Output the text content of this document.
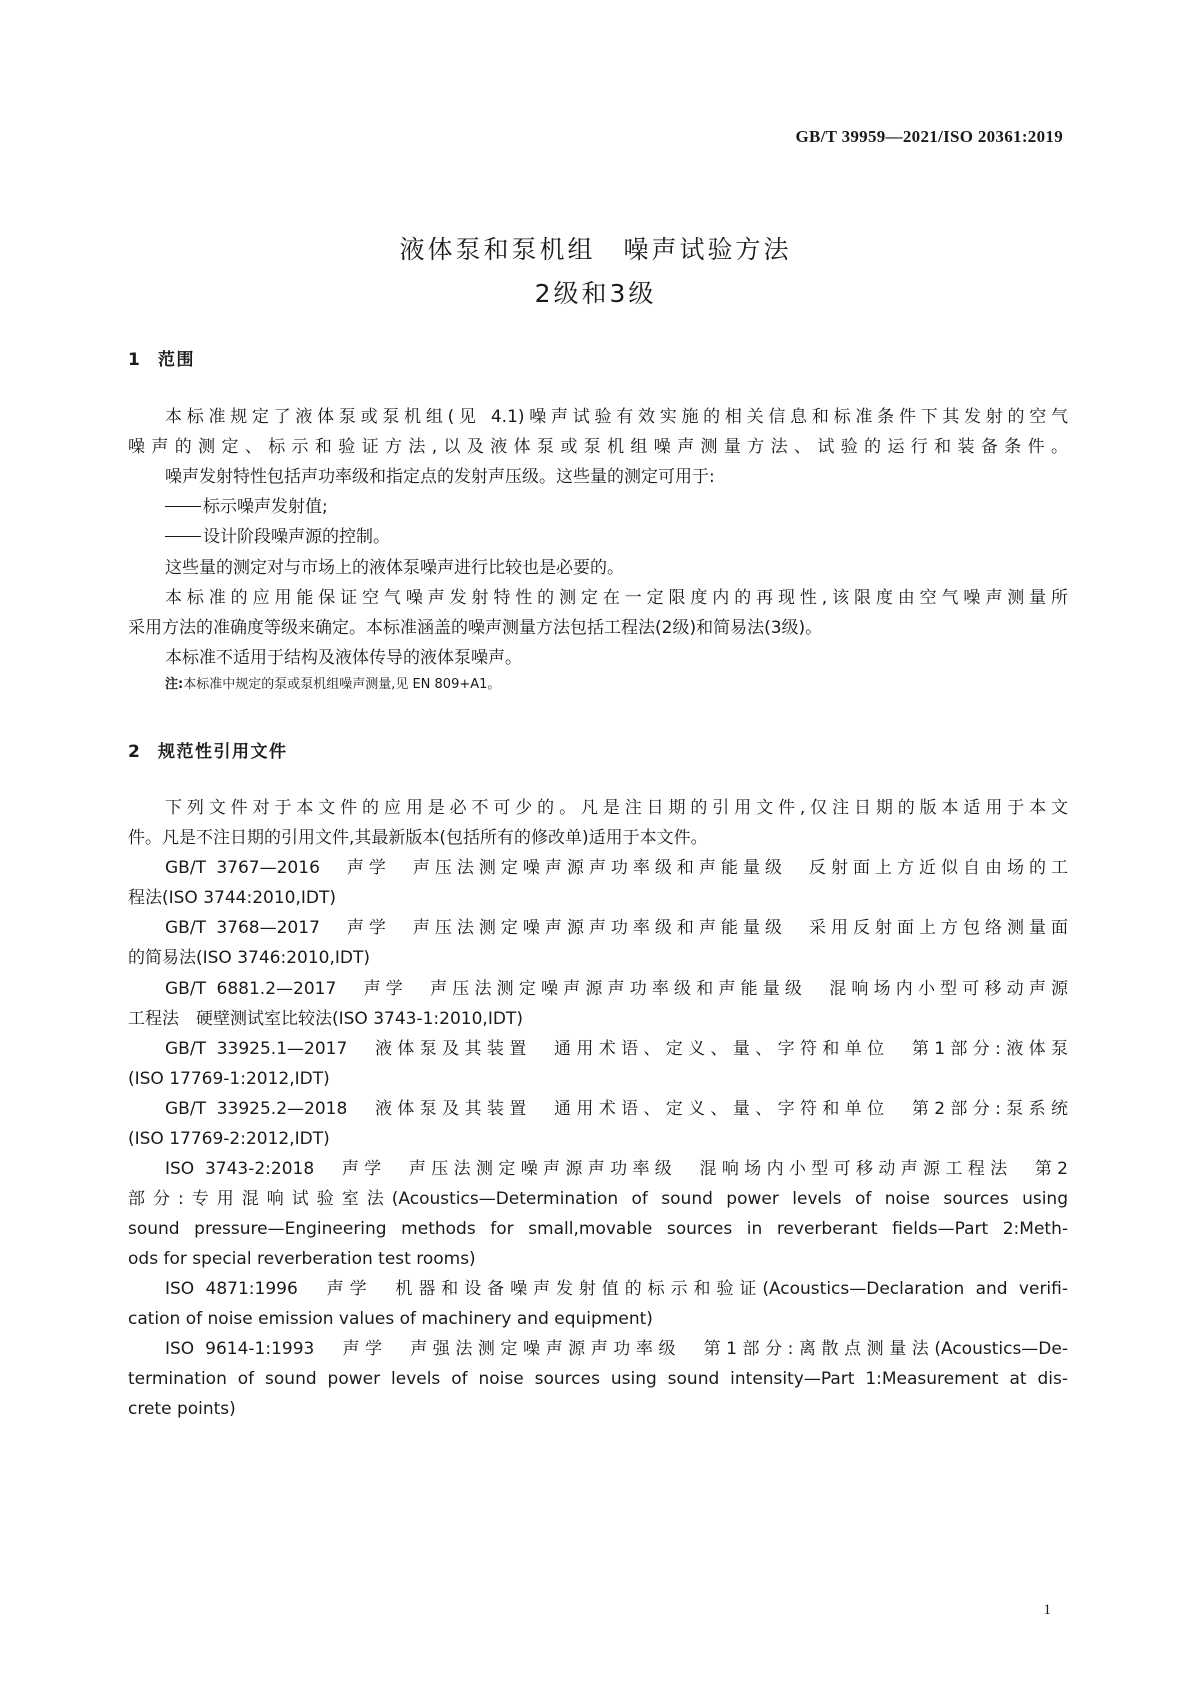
GB/T 39959—2021/ISO 20361:2019
液体泵和泵机组　噪声试验方法
2级和3级
1 范围
本标准规定了液体泵或泵机组(见 4.1)噪声试验有效实施的相关信息和标准条件下其发射的空气
噪声的测定、标示和验证方法,以及液体泵或泵机组噪声测量方法、试验的运行和装备条件。
噪声发射特性包括声功率级和指定点的发射声压级。这些量的测定可用于:
标示噪声发射值;
设计阶段噪声源的控制。
这些量的测定对与市场上的液体泵噪声进行比较也是必要的。
本标准的应用能保证空气噪声发射特性的测定在一定限度内的再现性,该限度由空气噪声测量所
采用方法的准确度等级来确定。本标准涵盖的噪声测量方法包括工程法(2级)和简易法(3级)。
本标准不适用于结构及液体传导的液体泵噪声。
注:本标准中规定的泵或泵机组噪声测量,见 EN 809+A1。
2 规范性引用文件
下列文件对于本文件的应用是必不可少的。凡是注日期的引用文件,仅注日期的版本适用于本文
件。凡是不注日期的引用文件,其最新版本(包括所有的修改单)适用于本文件。
GB/T 3767—2016　声学　声压法测定噪声源声功率级和声能量级　反射面上方近似自由场的工
程法(ISO 3744:2010,IDT)
GB/T 3768—2017　声学　声压法测定噪声源声功率级和声能量级　采用反射面上方包络测量面
的简易法(ISO 3746:2010,IDT)
GB/T 6881.2—2017　声学　声压法测定噪声源声功率级和声能量级　混响场内小型可移动声源
工程法　硬壁测试室比较法(ISO 3743-1:2010,IDT)
GB/T 33925.1—2017　液体泵及其装置　通用术语、定义、量、字符和单位　第1部分:液体泵
(ISO 17769-1:2012,IDT)
GB/T 33925.2—2018　液体泵及其装置　通用术语、定义、量、字符和单位　第2部分:泵系统
(ISO 17769-2:2012,IDT)
ISO 3743-2:2018　声学　声压法测定噪声源声功率级　混响场内小型可移动声源工程法　第2
部分:专用混响试验室法(Acoustics—Determination of sound power levels of noise sources using
sound pressure—Engineering methods for small,movable sources in reverberant fields—Part 2:Meth-
ods for special reverberation test rooms)
ISO 4871:1996　声学　机器和设备噪声发射值的标示和验证(Acoustics—Declaration and verifi-
cation of noise emission values of machinery and equipment)
ISO 9614-1:1993　声学　声强法测定噪声源声功率级　第1部分:离散点测量法(Acoustics—De-
termination of sound power levels of noise sources using sound intensity—Part 1:Measurement at dis-
crete points)
1
